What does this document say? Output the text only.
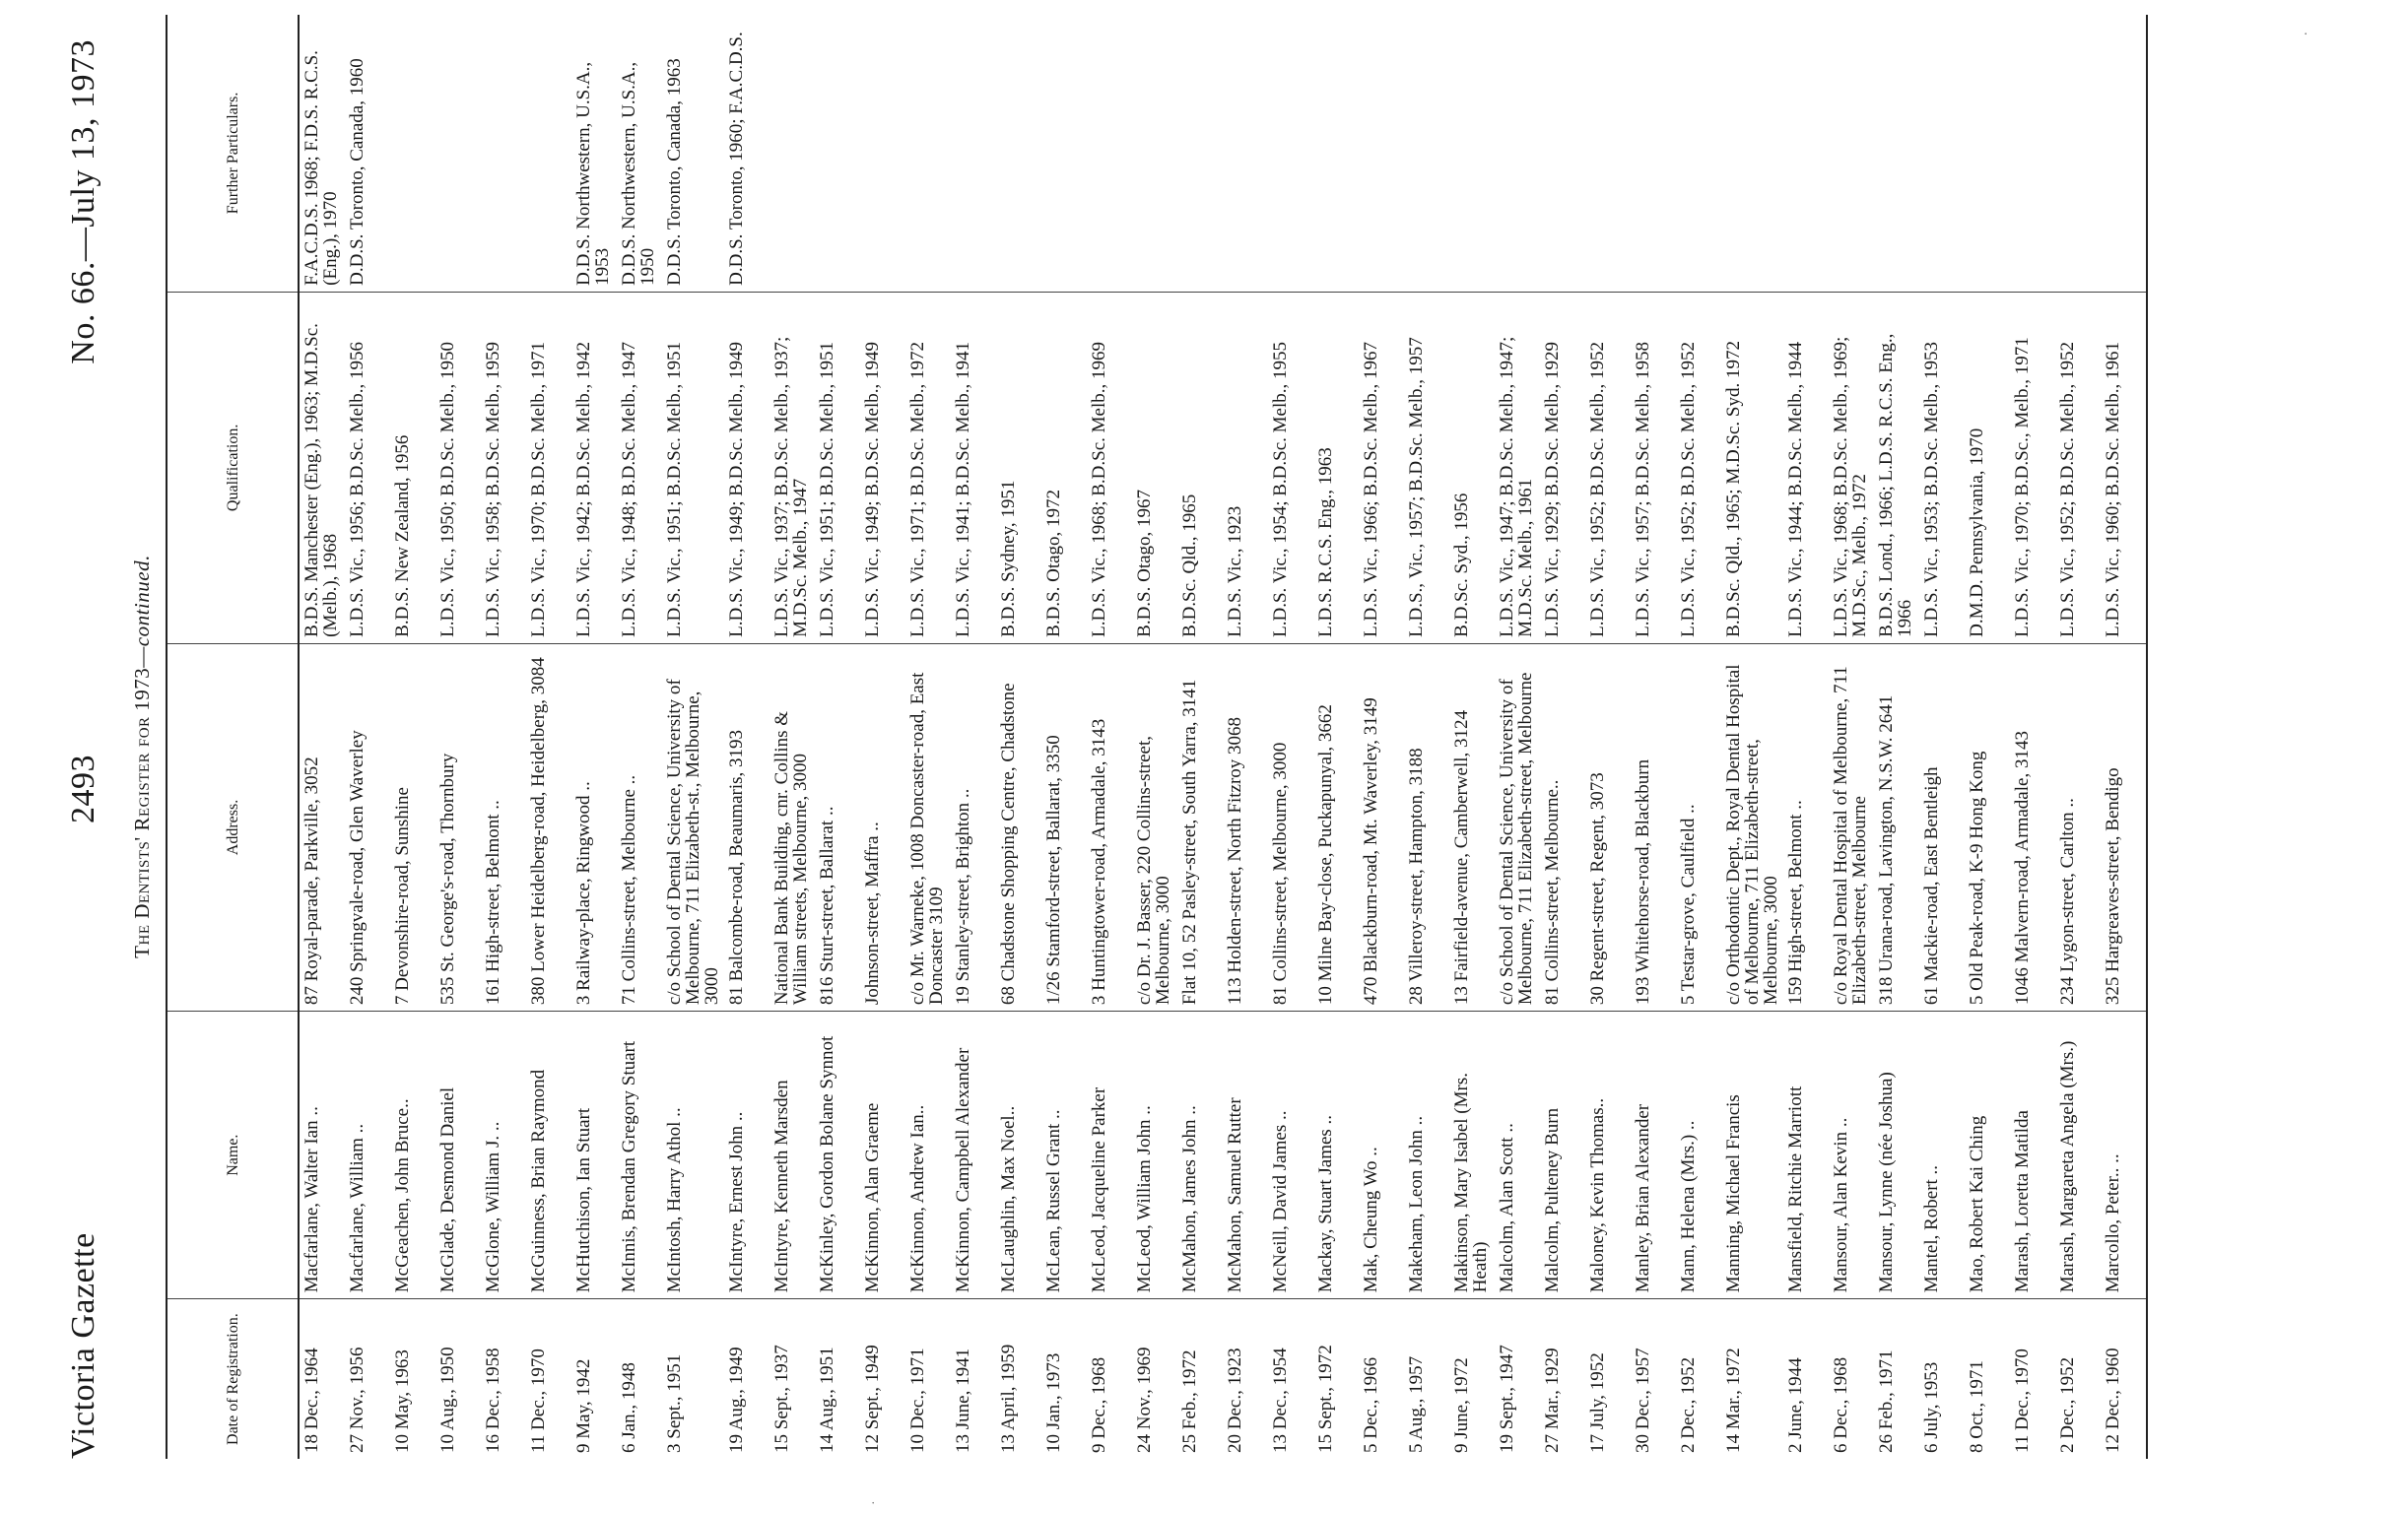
Victoria Gazette
2493
No. 66.—July 13, 1973
The Dentists' Register for 1973—continued.
Date of Registration.	Name.	Address.	Qualification.	Further Particulars.
18 Dec., 1964	Macfarlane, Walter Ian ..	87 Royal-parade, Parkville, 3052	B.D.S. Manchester (Eng.), 1963; M.D.Sc. (Melb.), 1968	F.A.C.D.S. 1968; F.D.S. R.C.S. (Eng.), 1970
27 Nov., 1956	Macfarlane, William ..	240 Springvale-road, Glen Waverley	L.D.S. Vic., 1956; B.D.Sc. Melb., 1956	D.D.S. Toronto, Canada, 1960
10 May, 1963	McGeachen, John Bruce..	7 Devonshire-road, Sunshine	B.D.S. New Zealand, 1956	
10 Aug., 1950	McGlade, Desmond Daniel	535 St. George's-road, Thornbury	L.D.S. Vic., 1950; B.D.Sc. Melb., 1950	
16 Dec., 1958	McGlone, William J. ..	161 High-street, Belmont ..	L.D.S. Vic., 1958; B.D.Sc. Melb., 1959	
11 Dec., 1970	McGuinness, Brian Raymond	380 Lower Heidelberg-road, Heidelberg, 3084	L.D.S. Vic., 1970; B.D.Sc. Melb., 1971	
9 May, 1942	McHutchison, Ian Stuart	3 Railway-place, Ringwood ..	L.D.S. Vic., 1942; B.D.Sc. Melb., 1942	D.D.S. Northwestern, U.S.A., 1953
6 Jan., 1948	McInnis, Brendan Gregory Stuart	71 Collins-street, Melbourne ..	L.D.S. Vic., 1948; B.D.Sc. Melb., 1947	D.D.S. Northwestern, U.S.A., 1950
3 Sept., 1951	McIntosh, Harry Athol ..	c/o School of Dental Science, University of Melbourne, 711 Elizabeth-st., Melbourne, 3000	L.D.S. Vic., 1951; B.D.Sc. Melb., 1951	D.D.S. Toronto, Canada, 1963
19 Aug., 1949	McIntyre, Ernest John ..	81 Balcombe-road, Beaumaris, 3193	L.D.S. Vic., 1949; B.D.Sc. Melb., 1949	D.D.S. Toronto, 1960; F.A.C.D.S.
15 Sept., 1937	McIntyre, Kenneth Marsden	National Bank Building, cnr. Collins & William streets, Melbourne, 3000	L.D.S. Vic., 1937; B.D.Sc. Melb., 1937; M.D.Sc. Melb., 1947	
14 Aug., 1951	McKinley, Gordon Bolane Synnot	816 Sturt-street, Ballarat ..	L.D.S. Vic., 1951; B.D.Sc. Melb., 1951	
12 Sept., 1949	McKinnon, Alan Graeme	Johnson-street, Maffra ..	L.D.S. Vic., 1949; B.D.Sc. Melb., 1949	
10 Dec., 1971	McKinnon, Andrew Ian..	c/o Mr. Warneke, 1008 Doncaster-road, East Doncaster 3109	L.D.S. Vic., 1971; B.D.Sc. Melb., 1972	
13 June, 1941	McKinnon, Campbell Alexander	19 Stanley-street, Brighton ..	L.D.S. Vic., 1941; B.D.Sc. Melb., 1941	
13 April, 1959	McLaughlin, Max Noel..	68 Chadstone Shopping Centre, Chadstone	B.D.S. Sydney, 1951	
10 Jan., 1973	McLean, Russel Grant ..	1/26 Stamford-street, Ballarat, 3350	B.D.S. Otago, 1972	
9 Dec., 1968	McLeod, Jacqueline Parker	3 Huntingtower-road, Armadale, 3143	L.D.S. Vic., 1968; B.D.Sc. Melb., 1969	
24 Nov., 1969	McLeod, William John ..	c/o Dr. J. Basser, 220 Collins-street, Melbourne, 3000	B.D.S. Otago, 1967	
25 Feb., 1972	McMahon, James John ..	Flat 10, 52 Pasley-street, South Yarra, 3141	B.D.Sc. Qld., 1965	
20 Dec., 1923	McMahon, Samuel Rutter	113 Holden-street, North Fitzroy 3068	L.D.S. Vic., 1923	
13 Dec., 1954	McNeill, David James ..	81 Collins-street, Melbourne, 3000	L.D.S. Vic., 1954; B.D.Sc. Melb., 1955	
15 Sept., 1972	Mackay, Stuart James ..	10 Milne Bay-close, Puckapunyal, 3662	L.D.S. R.C.S. Eng., 1963	
5 Dec., 1966	Mak, Cheung Wo ..	470 Blackburn-road, Mt. Waverley, 3149	L.D.S. Vic., 1966; B.D.Sc. Melb., 1967	
5 Aug., 1957	Makeham, Leon John ..	28 Villeroy-street, Hampton, 3188	L.D.S., Vic., 1957; B.D.Sc. Melb., 1957	
9 June, 1972	Makinson, Mary Isabel (Mrs. Heath)	13 Fairfield-avenue, Camberwell, 3124	B.D.Sc. Syd., 1956	
19 Sept., 1947	Malcolm, Alan Scott ..	c/o School of Dental Science, University of Melbourne, 711 Elizabeth-street, Melbourne	L.D.S. Vic., 1947; B.D.Sc. Melb., 1947; M.D.Sc. Melb., 1961	
27 Mar., 1929	Malcolm, Pulteney Burn	81 Collins-street, Melbourne..	L.D.S. Vic., 1929; B.D.Sc. Melb., 1929	
17 July, 1952	Maloney, Kevin Thomas..	30 Regent-street, Regent, 3073	L.D.S. Vic., 1952; B.D.Sc. Melb., 1952	
30 Dec., 1957	Manley, Brian Alexander	193 Whitehorse-road, Blackburn	L.D.S. Vic., 1957; B.D.Sc. Melb., 1958	
2 Dec., 1952	Mann, Helena (Mrs.) ..	5 Testar-grove, Caulfield ..	L.D.S. Vic., 1952; B.D.Sc. Melb., 1952	
14 Mar., 1972	Manning, Michael Francis	c/o Orthodontic Dept., Royal Dental Hospital of Melbourne, 711 Elizabeth-street, Melbourne, 3000	B.D.Sc. Qld., 1965; M.D.Sc. Syd. 1972	
2 June, 1944	Mansfield, Ritchie Marriott	159 High-street, Belmont ..	L.D.S. Vic., 1944; B.D.Sc. Melb., 1944	
6 Dec., 1968	Mansour, Alan Kevin ..	c/o Royal Dental Hospital of Melbourne, 711 Elizabeth-street, Melbourne	L.D.S. Vic., 1968; B.D.Sc. Melb., 1969; M.D.Sc., Melb., 1972	
26 Feb., 1971	Mansour, Lynne (née Joshua)	318 Urana-road, Lavington, N.S.W. 2641	B.D.S. Lond., 1966; L.D.S. R.C.S. Eng., 1966	
6 July, 1953	Mantel, Robert ..	61 Mackie-road, East Bentleigh	L.D.S. Vic., 1953; B.D.Sc. Melb., 1953	
8 Oct., 1971	Mao, Robert Kai Ching	5 Old Peak-road, K-9 Hong Kong	D.M.D. Pennsylvania, 1970	
11 Dec., 1970	Marash, Loretta Matilda	1046 Malvern-road, Armadale, 3143	L.D.S. Vic., 1970; B.D.Sc., Melb., 1971	
2 Dec., 1952	Marash, Margareta Angela (Mrs.)	234 Lygon-street, Carlton ..	L.D.S. Vic., 1952; B.D.Sc. Melb., 1952	
12 Dec., 1960	Marcollo, Peter.. ..	325 Hargreaves-street, Bendigo	L.D.S. Vic., 1960; B.D.Sc. Melb., 1961	
·
.
